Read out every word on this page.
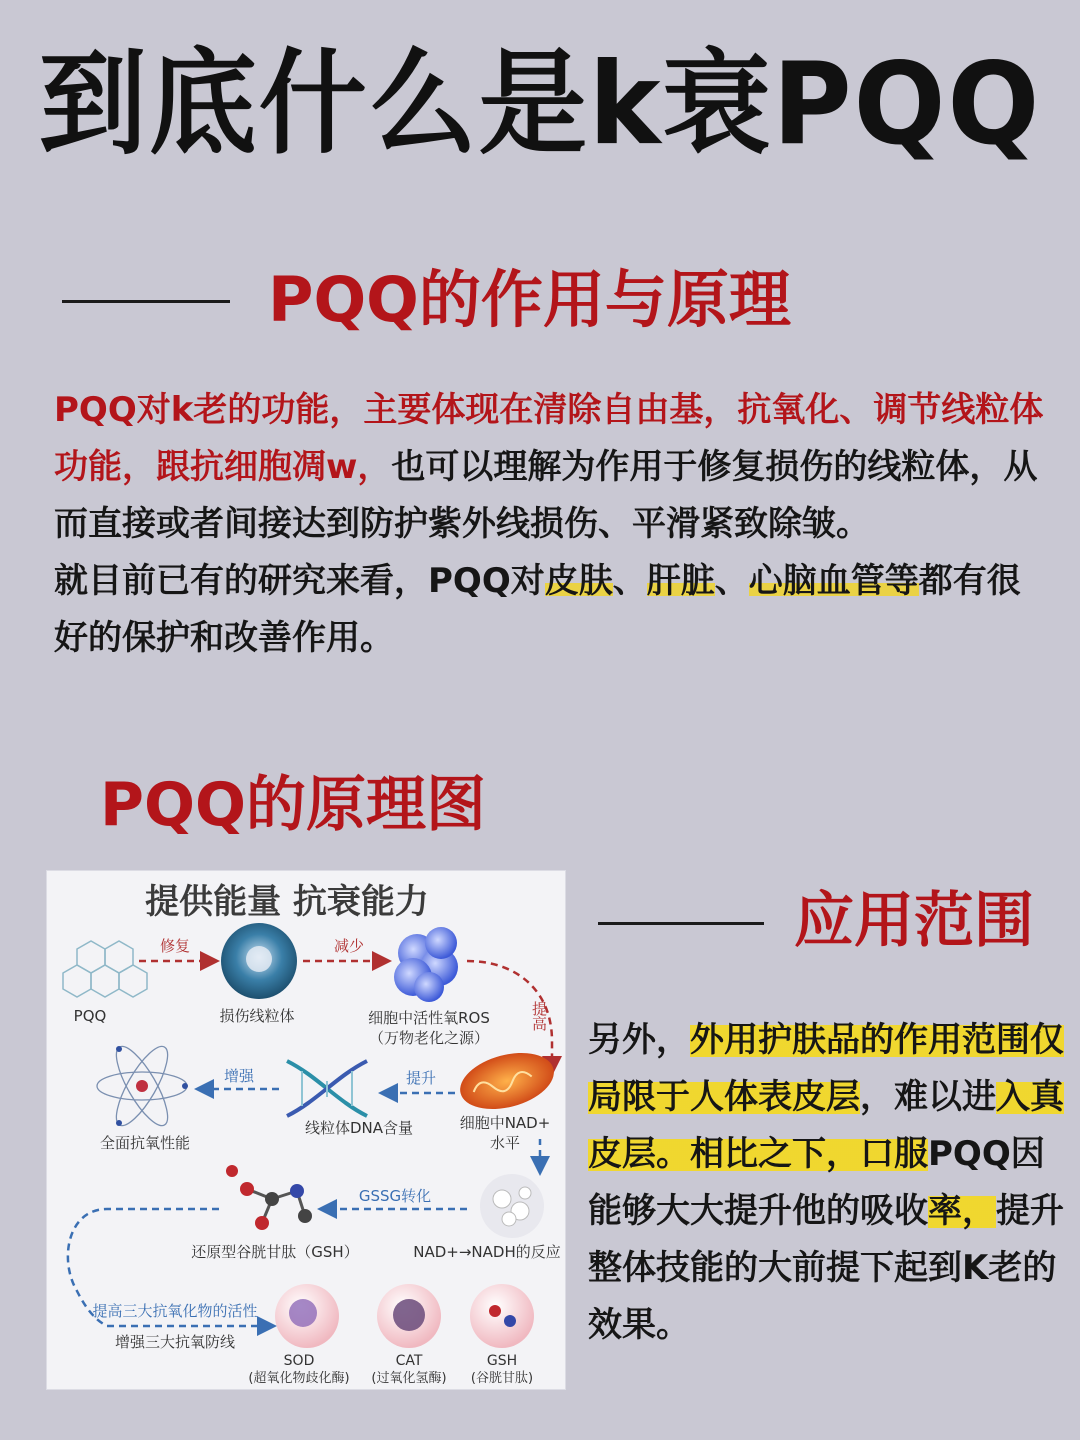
到底什么是k衰PQQ
PQQ的作用与原理

PQQ对k老的功能，主要体现在清除自由基，抗氧化、调节线粒体功能，跟抗细胞凋w，也可以理解为作用于修复损伤的线粒体，从而直接或者间接达到防护紫外线损伤、平滑紧致除皱。

就目前已有的研究来看，PQQ对皮肤、肝脏、心脑血管等都有很好的保护和改善作用。

PQQ的原理图
提供能量 抗衰能力
PQQ	损伤线粒体	细胞中活性氧ROS
（万物老化之源）
修复	减少
提高
全面抗氧性能
线粒体DNA含量	细胞中NAD+
水平
提升
增强
还原型谷胱甘肽（GSH）	NAD+→NADH的反应
GSSG转化
提高三大抗氧化物的活性
增强三大抗氧防线
SOD
(超氧化物歧化酶)
CAT
(过氧化氢酶)
GSH
(谷胱甘肽)
应用范围

另外，外用护肤品的作用范围仅局限于人体表皮层，难以进入真皮层。相比之下，口服PQQ因能够大大提升他的吸收率，提升整体技能的大前提下起到K老的效果。
